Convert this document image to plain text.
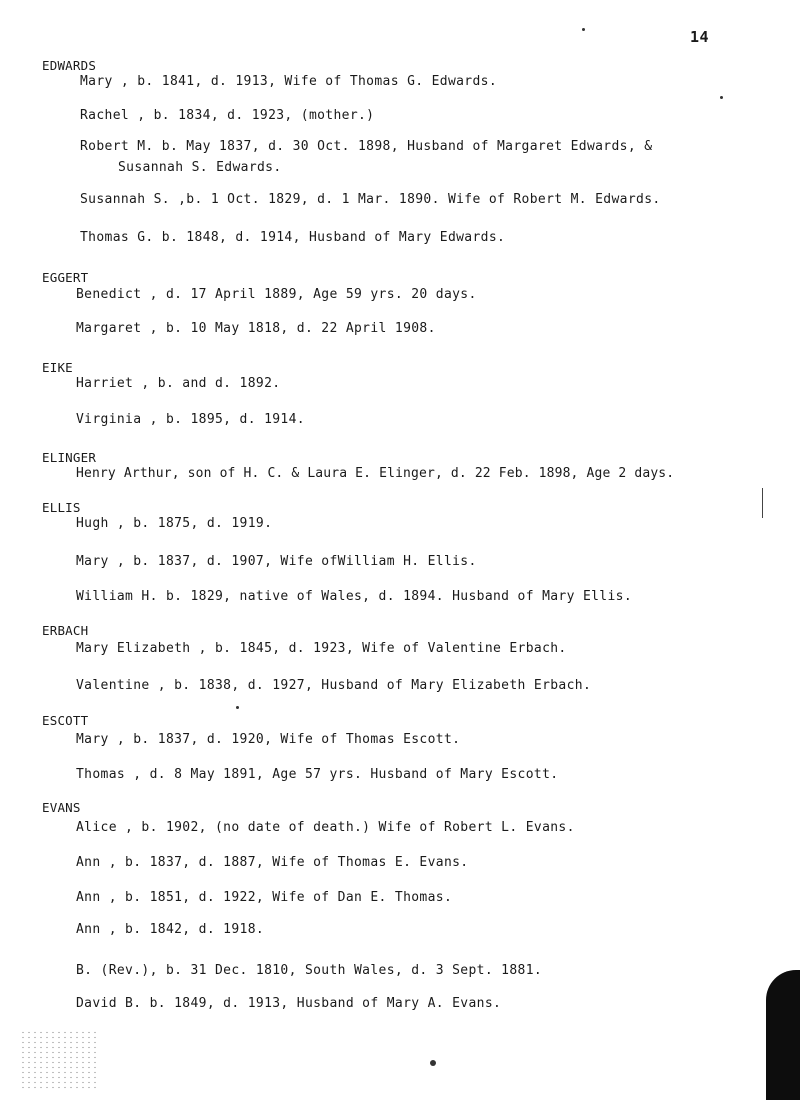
14
EDWARDS
Mary , b. 1841, d. 1913, Wife of Thomas G. Edwards.
Rachel , b. 1834, d. 1923, (mother.)
Robert M. b. May 1837, d. 30 Oct. 1898, Husband of Margaret Edwards, &
Susannah S. Edwards.
Susannah S. ,b. 1 Oct. 1829, d. 1 Mar. 1890. Wife of Robert M. Edwards.
Thomas G. b. 1848, d. 1914, Husband of Mary Edwards.
EGGERT
Benedict , d. 17 April 1889, Age 59 yrs. 20 days.
Margaret , b. 10 May 1818, d. 22 April 1908.
EIKE
Harriet , b. and d. 1892.
Virginia , b. 1895, d. 1914.
ELINGER
Henry Arthur, son of H. C. & Laura E. Elinger, d. 22 Feb. 1898, Age 2 days.
ELLIS
Hugh , b. 1875, d. 1919.
Mary , b. 1837, d. 1907, Wife ofWilliam H. Ellis.
William H. b. 1829, native of Wales, d. 1894. Husband of Mary Ellis.
ERBACH
Mary Elizabeth , b. 1845, d. 1923, Wife of Valentine Erbach.
Valentine , b. 1838, d. 1927, Husband of Mary Elizabeth Erbach.
ESCOTT
Mary , b. 1837, d. 1920, Wife of Thomas Escott.
Thomas , d. 8 May 1891, Age 57 yrs. Husband of Mary Escott.
EVANS
Alice , b. 1902, (no date of death.) Wife of Robert L. Evans.
Ann , b. 1837, d. 1887, Wife of Thomas E. Evans.
Ann , b. 1851, d. 1922, Wife of Dan E. Thomas.
Ann , b. 1842, d. 1918.
B. (Rev.), b. 31 Dec. 1810, South Wales, d. 3 Sept. 1881.
David B. b. 1849, d. 1913, Husband of Mary A. Evans.
